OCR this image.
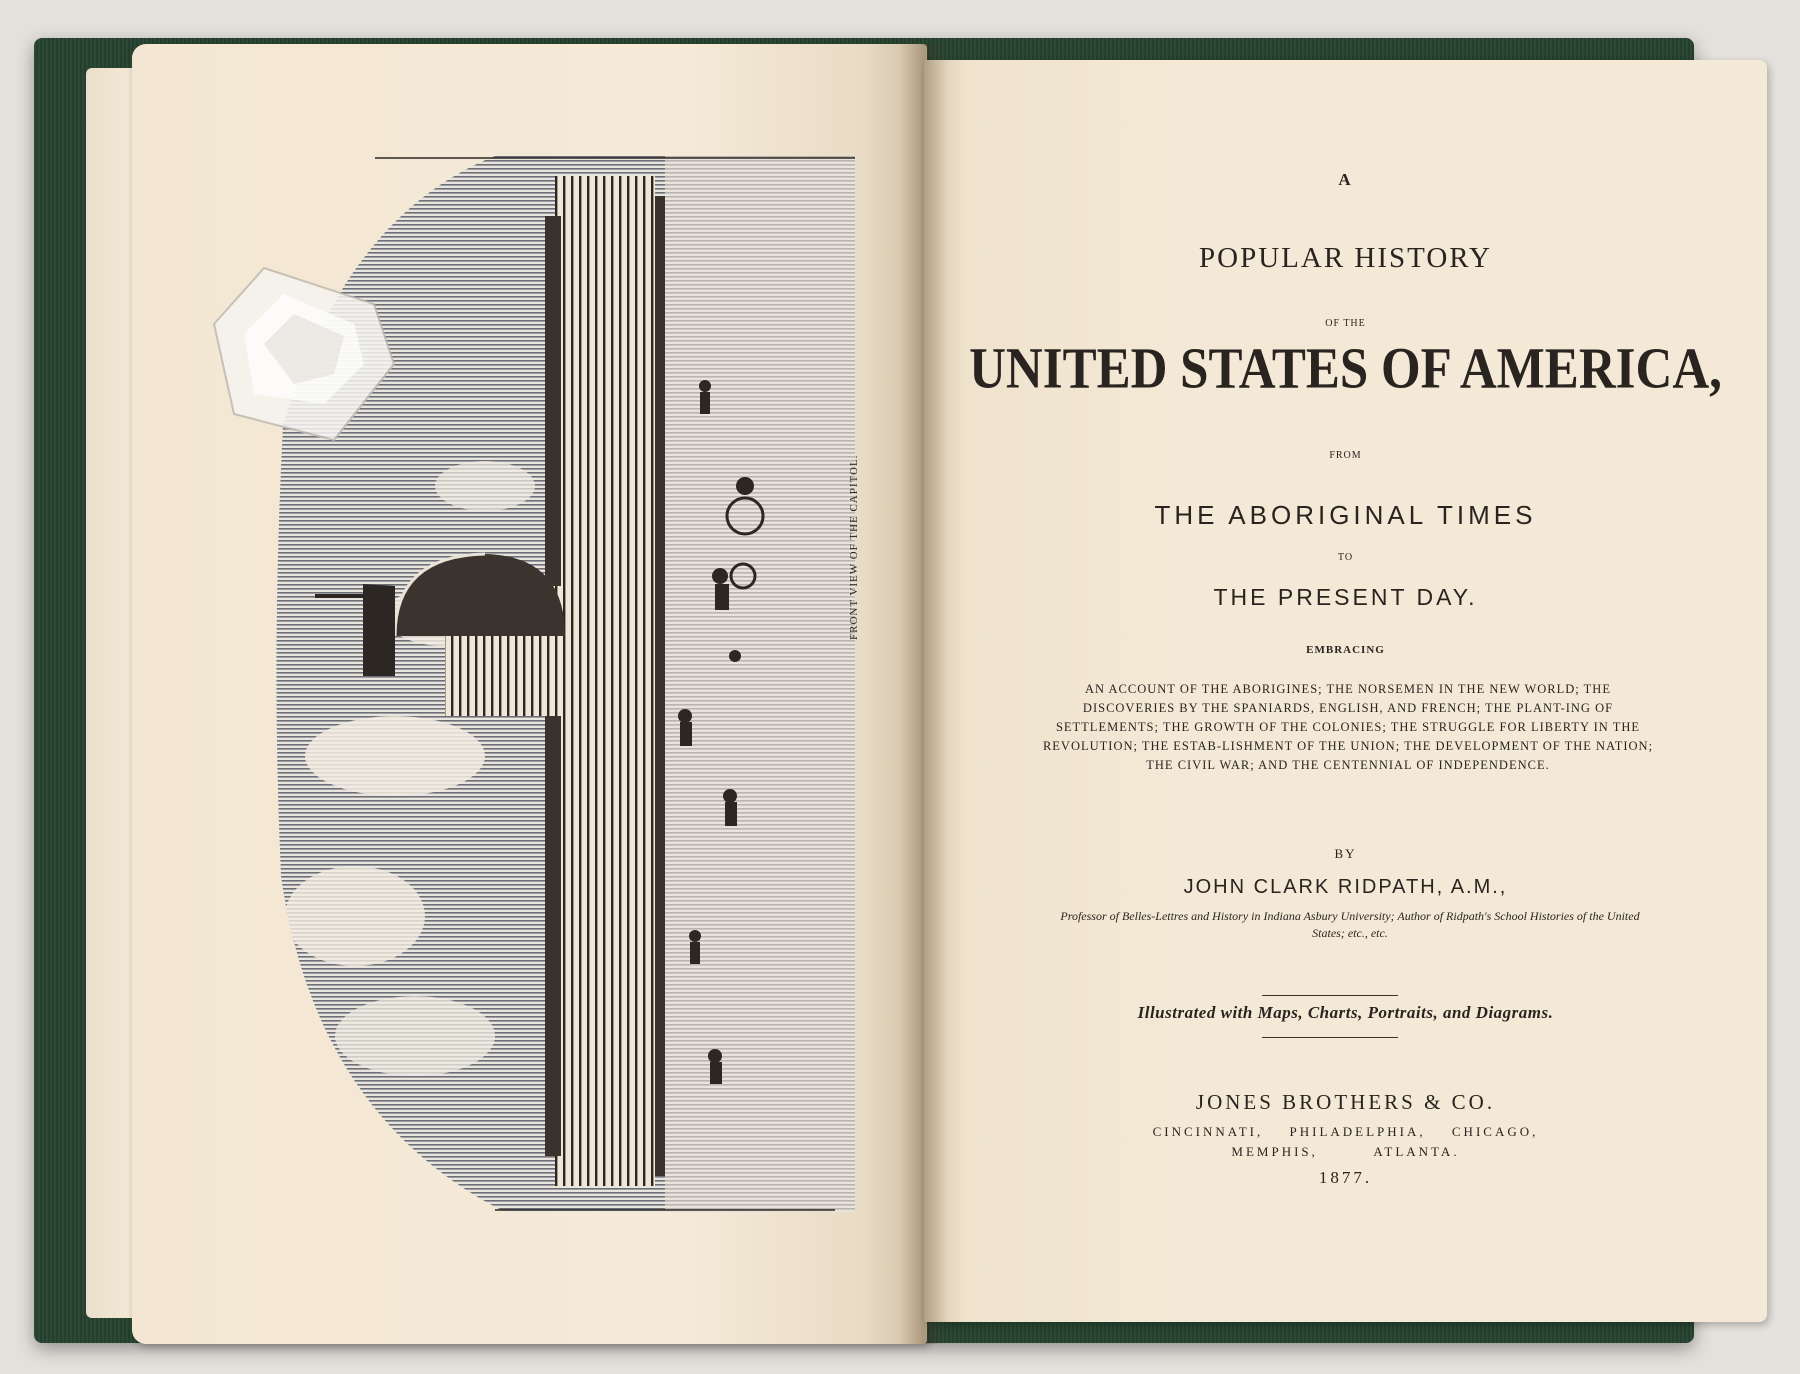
FRONT VIEW OF THE CAPITOL.
A
POPULAR HISTORY
OF THE
UNITED STATES OF AMERICA,
FROM
THE ABORIGINAL TIMES
TO
THE PRESENT DAY.
EMBRACING
AN ACCOUNT OF THE ABORIGINES; THE NORSEMEN IN THE NEW WORLD; THE DISCOVERIES BY THE SPANIARDS, ENGLISH, AND FRENCH; THE PLANT-ING OF SETTLEMENTS; THE GROWTH OF THE COLONIES; THE STRUGGLE FOR LIBERTY IN THE REVOLUTION; THE ESTAB-LISHMENT OF THE UNION; THE DEVELOPMENT OF THE NATION; THE CIVIL WAR; AND THE CENTENNIAL OF INDEPENDENCE.
BY
JOHN CLARK RIDPATH, A.M.,
Professor of Belles-Lettres and History in Indiana Asbury University; Author of Ridpath's School Histories of the United States; etc., etc.
Illustrated with Maps, Charts, Portraits, and Diagrams.
JONES BROTHERS & CO.
CINCINNATI, PHILADELPHIA, CHICAGO,
MEMPHIS, ATLANTA.
1877.
